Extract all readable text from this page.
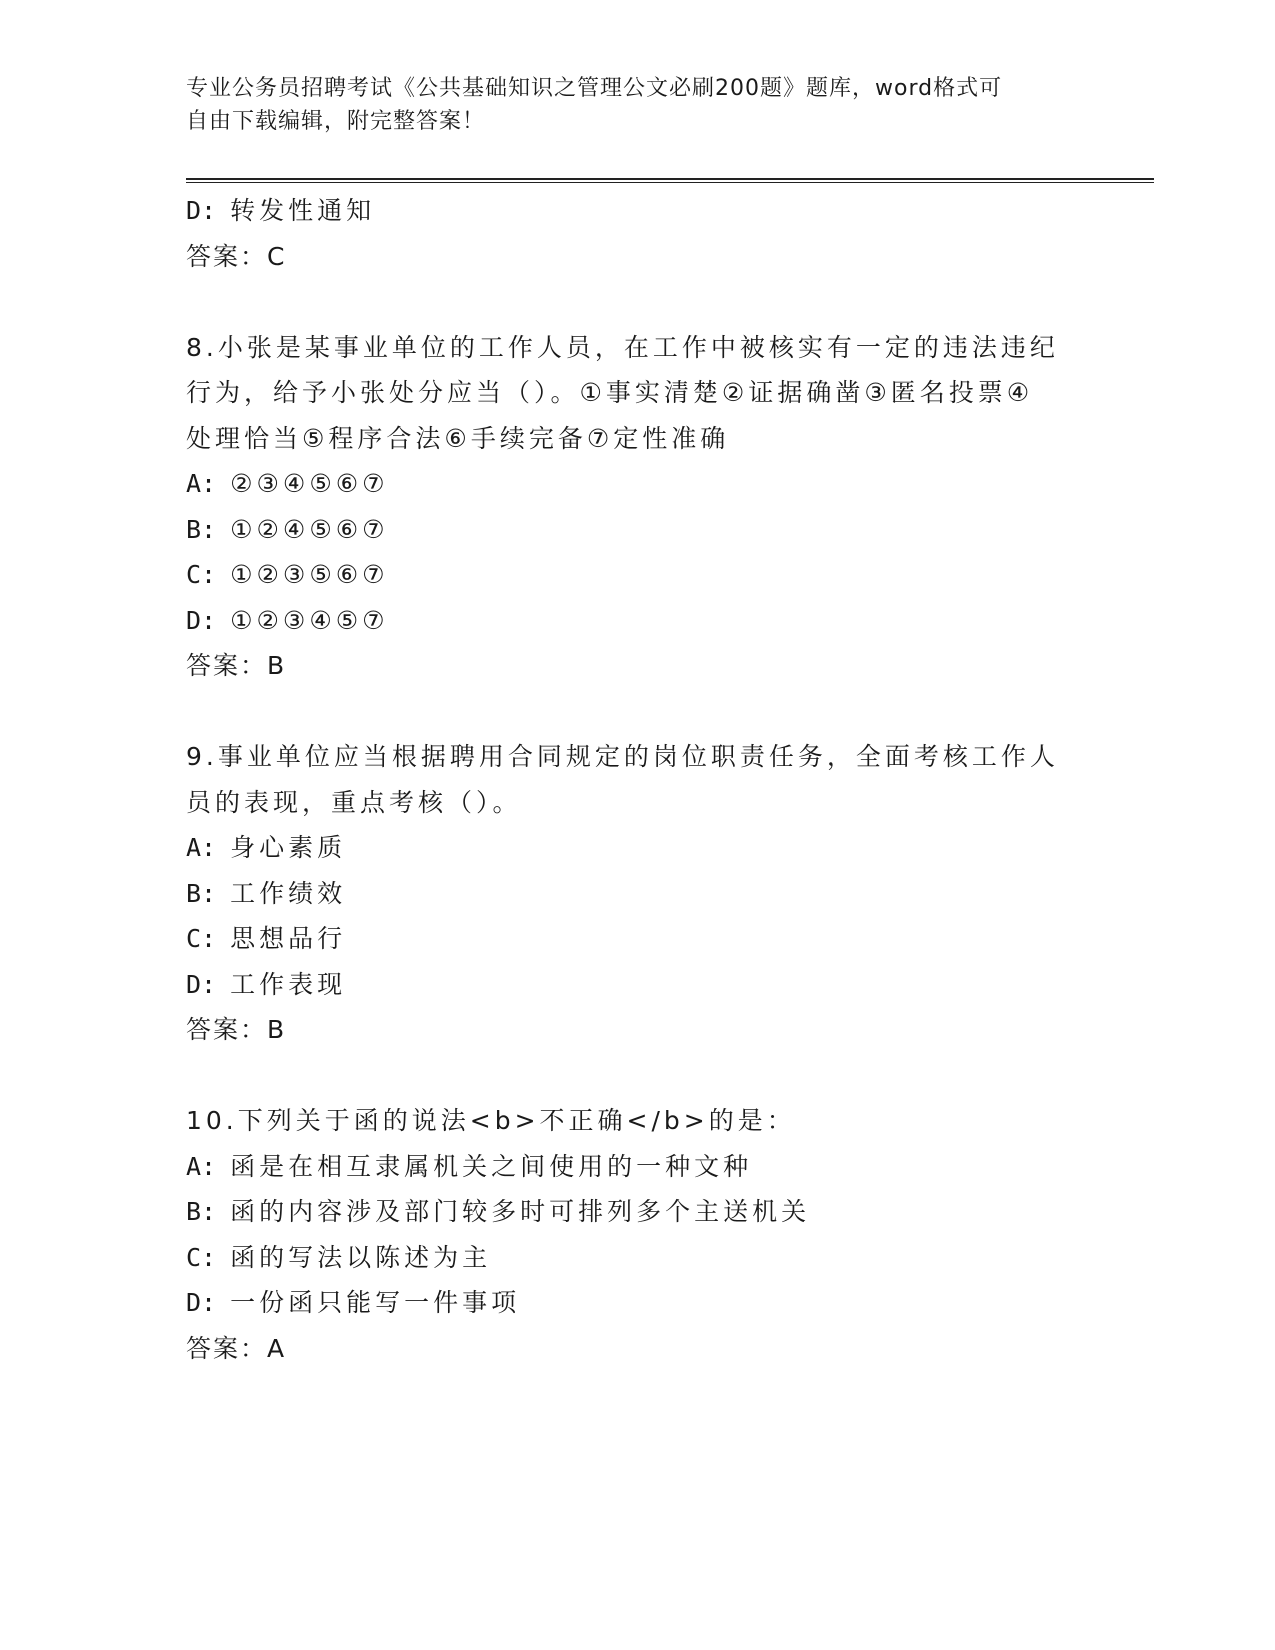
专业公务员招聘考试《公共基础知识之管理公文必刷200题》题库，word格式可
自由下载编辑，附完整答案！
D: 转发性通知
答案：C
8.小张是某事业单位的工作人员，在工作中被核实有一定的违法违纪
行为，给予小张处分应当（）。①事实清楚②证据确凿③匿名投票④
处理恰当⑤程序合法⑥手续完备⑦定性准确
A: ②③④⑤⑥⑦
B: ①②④⑤⑥⑦
C: ①②③⑤⑥⑦
D: ①②③④⑤⑦
答案：B
9.事业单位应当根据聘用合同规定的岗位职责任务，全面考核工作人
员的表现，重点考核（）。
A: 身心素质
B: 工作绩效
C: 思想品行
D: 工作表现
答案：B
10.下列关于函的说法<b>不正确</b>的是：
A: 函是在相互隶属机关之间使用的一种文种
B: 函的内容涉及部门较多时可排列多个主送机关
C: 函的写法以陈述为主
D: 一份函只能写一件事项
答案：A
